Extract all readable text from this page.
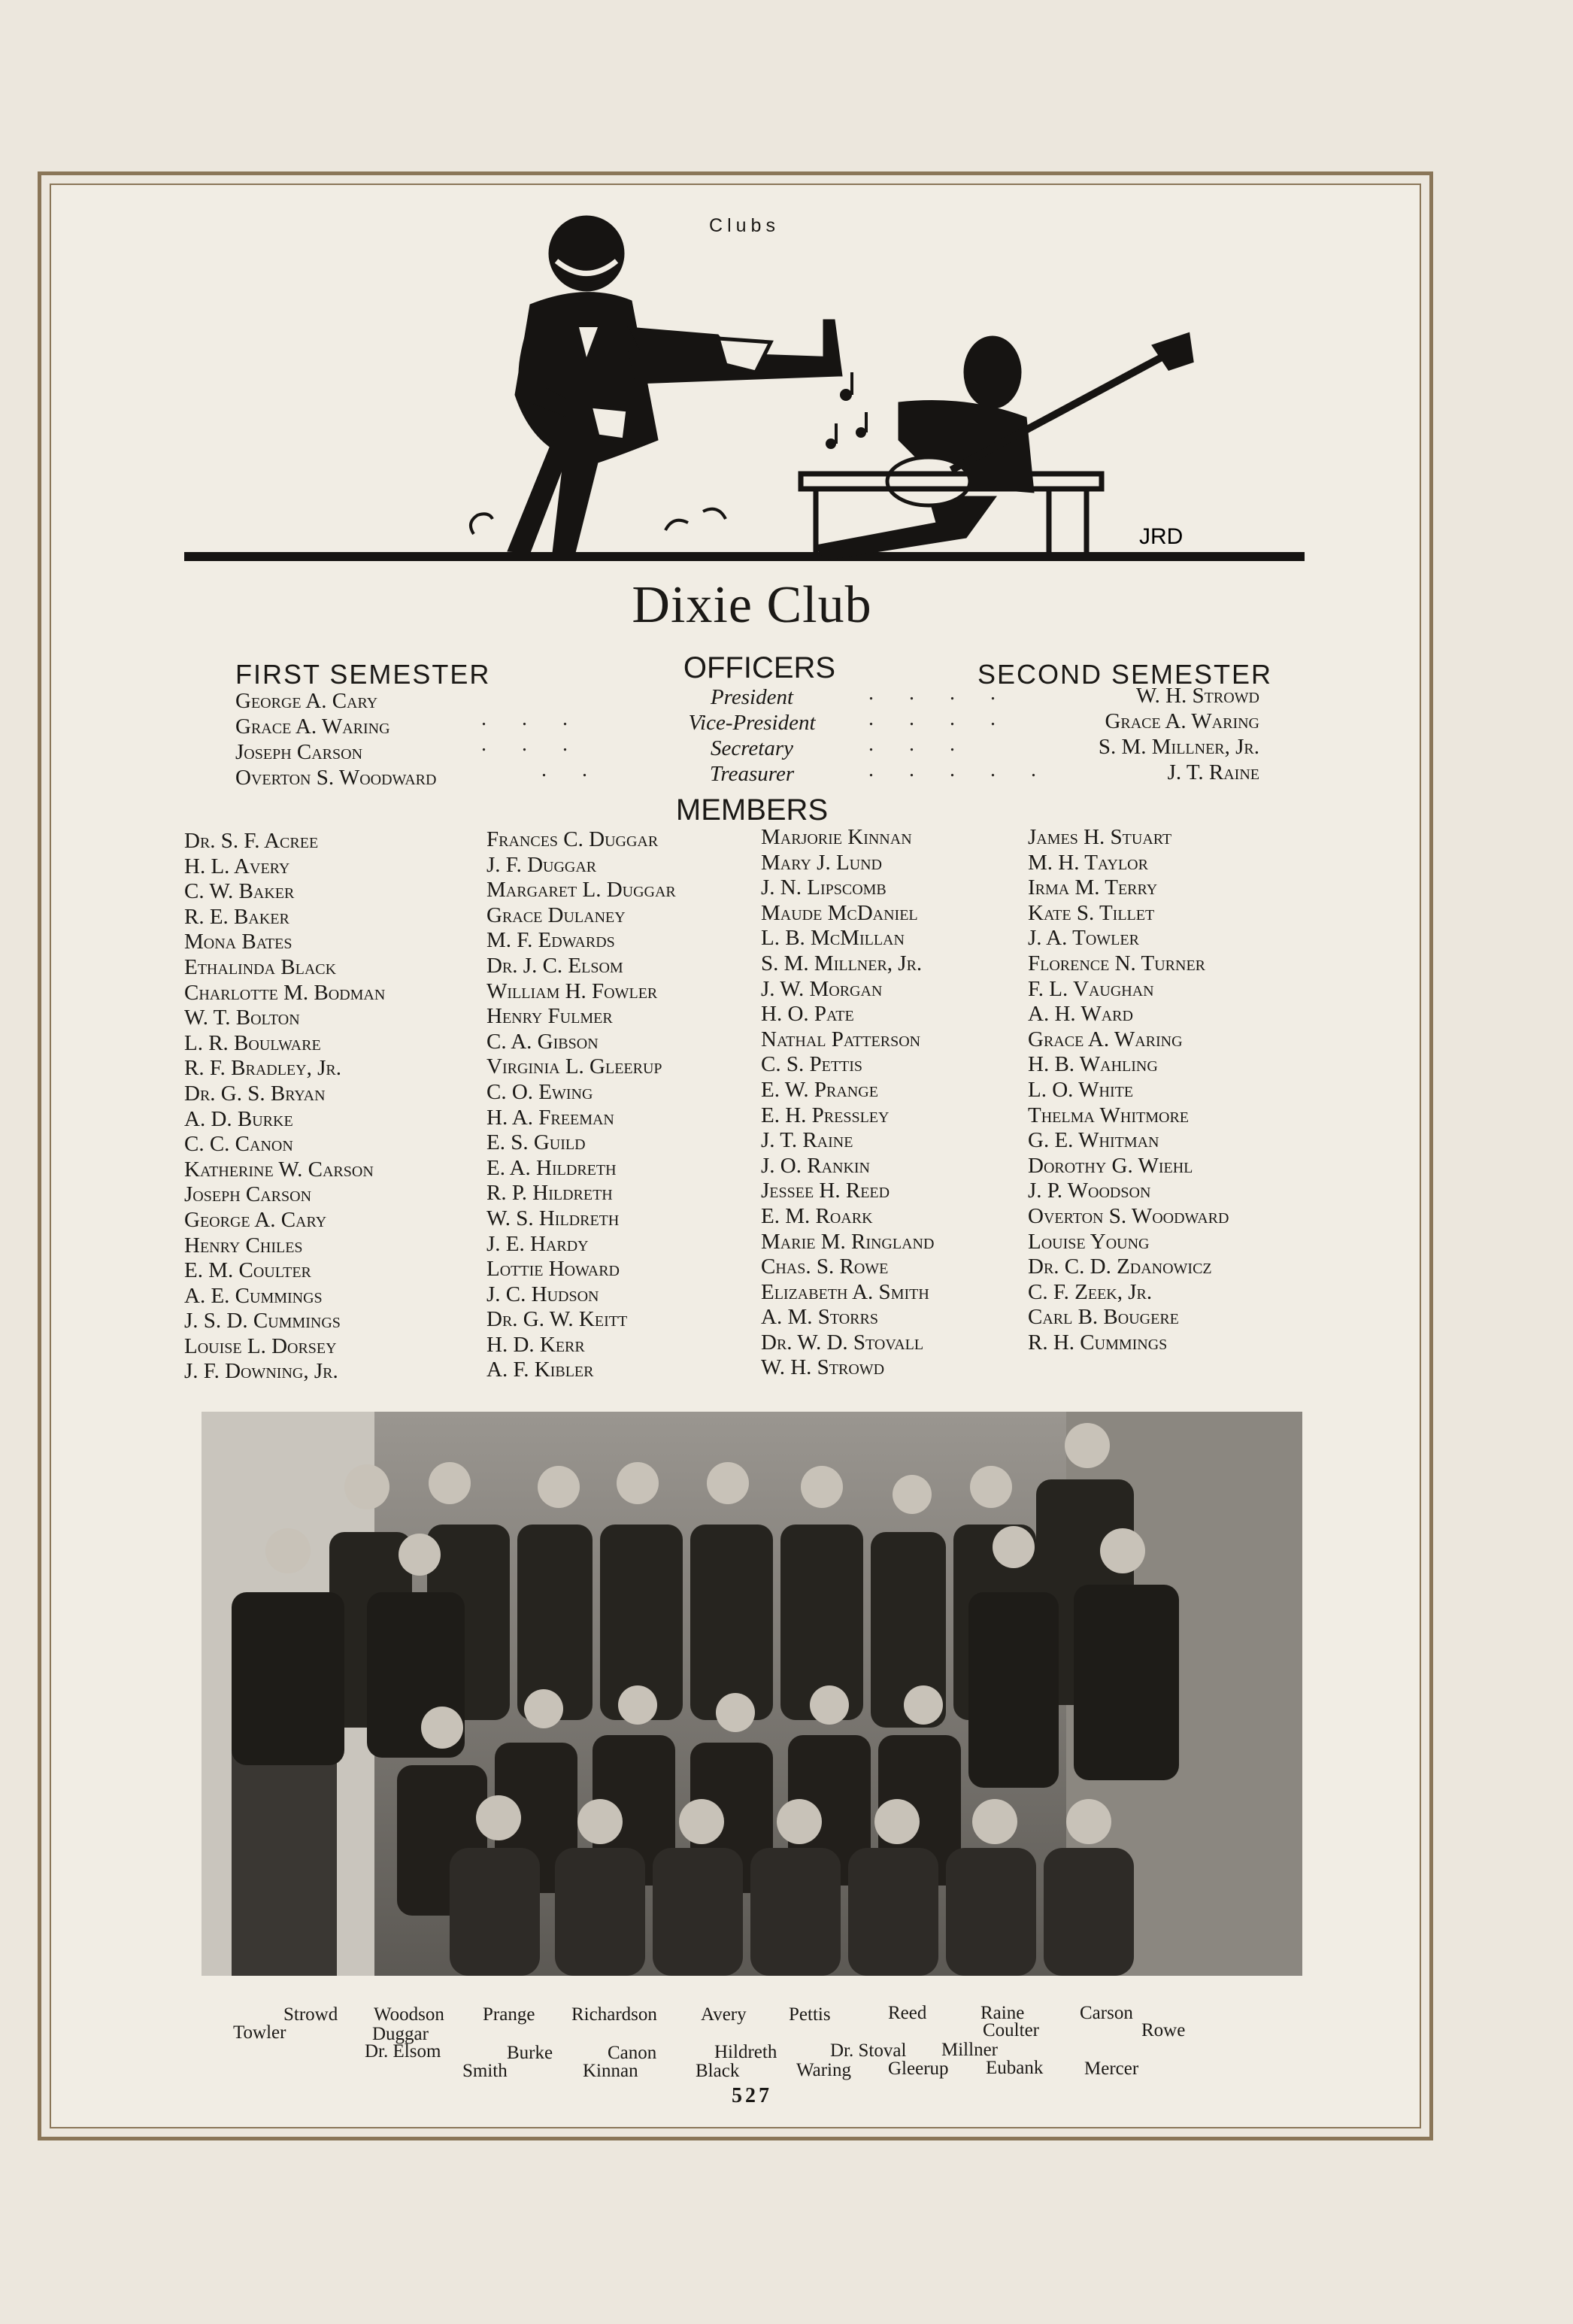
Clubs
JRD
Dixie Club
FIRST SEMESTER	OFFICERS	SECOND SEMESTER
George A. Cary	President	W. H. Strowd
Grace A. Waring	Vice-President	Grace A. Waring
Joseph Carson	Secretary	S. M. Millner, Jr.
Overton S. Woodward	Treasurer	J. T. Raine
. . .
. . .
. .
. . . .
. . . .
. . .
. . . . .
MEMBERS
Dr. S. F. Acree
H. L. Avery
C. W. Baker
R. E. Baker
Mona Bates
Ethalinda Black
Charlotte M. Bodman
W. T. Bolton
L. R. Boulware
R. F. Bradley, Jr.
Dr. G. S. Bryan
A. D. Burke
C. C. Canon
Katherine W. Carson
Joseph Carson
George A. Cary
Henry Chiles
E. M. Coulter
A. E. Cummings
J. S. D. Cummings
Louise L. Dorsey
J. F. Downing, Jr.
Frances C. Duggar
J. F. Duggar
Margaret L. Duggar
Grace Dulaney
M. F. Edwards
Dr. J. C. Elsom
William H. Fowler
Henry Fulmer
C. A. Gibson
Virginia L. Gleerup
C. O. Ewing
H. A. Freeman
E. S. Guild
E. A. Hildreth
R. P. Hildreth
W. S. Hildreth
J. E. Hardy
Lottie Howard
J. C. Hudson
Dr. G. W. Keitt
H. D. Kerr
A. F. Kibler
Marjorie Kinnan
Mary J. Lund
J. N. Lipscomb
Maude McDaniel
L. B. McMillan
S. M. Millner, Jr.
J. W. Morgan
H. O. Pate
Nathal Patterson
C. S. Pettis
E. W. Prange
E. H. Pressley
J. T. Raine
J. O. Rankin
Jessee H. Reed
E. M. Roark
Marie M. Ringland
Chas. S. Rowe
Elizabeth A. Smith
A. M. Storrs
Dr. W. D. Stovall
W. H. Strowd
James H. Stuart
M. H. Taylor
Irma M. Terry
Kate S. Tillet
J. A. Towler
Florence N. Turner
F. L. Vaughan
A. H. Ward
Grace A. Waring
H. B. Wahling
L. O. White
Thelma Whitmore
G. E. Whitman
Dorothy G. Wiehl
J. P. Woodson
Overton S. Woodward
Louise Young
Dr. C. D. Zdanowicz
C. F. Zeek, Jr.
Carl B. Bougere
R. H. Cummings
Strowd Woodson Prange Richardson Avery Pettis	Reed	Raine	Carson
Towler	Coulter	Rowe
Duggar
Dr. Elsom	Burke	Canon	Hildreth	Dr. Stoval Millner
Smith	Kinnan	Black	Waring Gleerup Eubank Mercer
527
